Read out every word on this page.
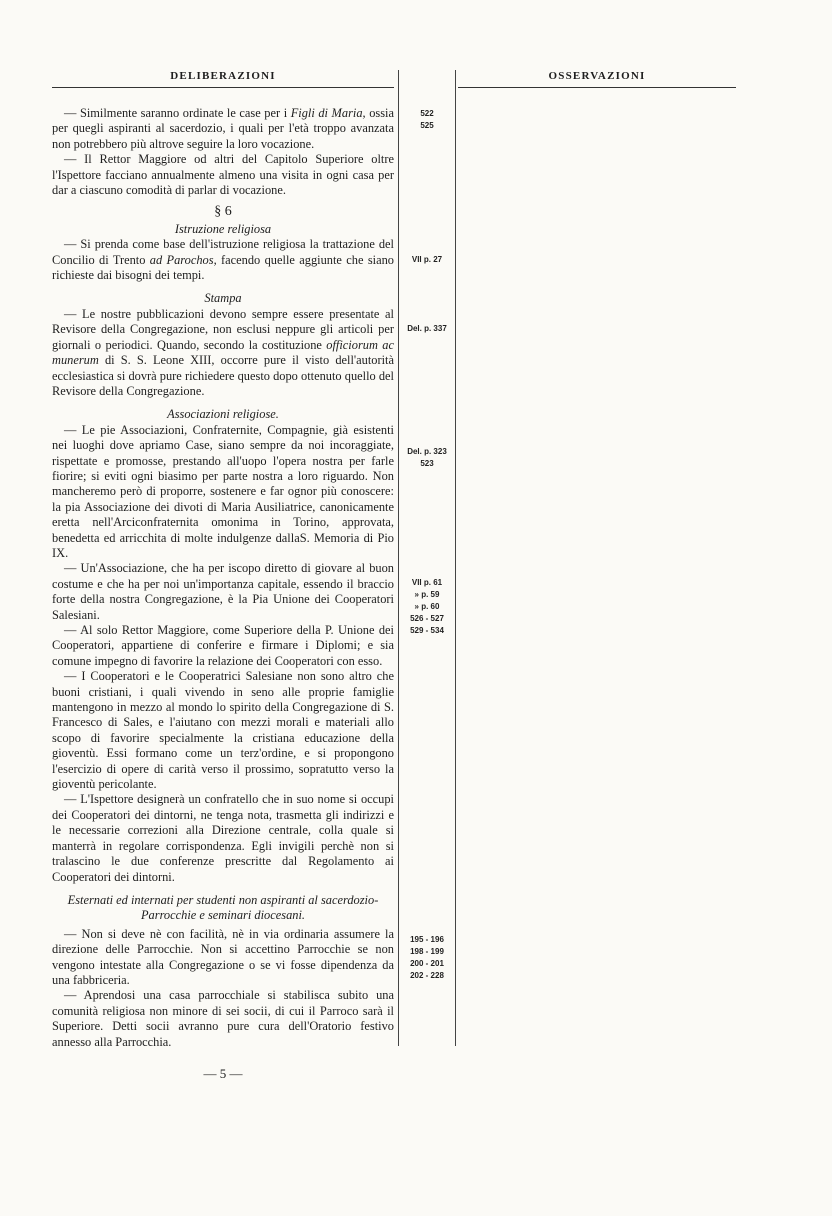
DELIBERAZIONI	OSSERVAZIONI

— Similmente saranno ordinate le case per i Figli di Maria, ossia per quegli aspiranti al sacerdozio, i quali per l'età troppo avanzata non potrebbero più altrove seguire la loro vocazione.

— Il Rettor Maggiore od altri del Capitolo Superiore oltre l'Ispettore facciano annualmente almeno una visita in ogni casa per dar a ciascuno comodità di parlar di vocazione.

§ 6
Istruzione religiosa

— Si prenda come base dell'istruzione religiosa la trattazione del Concilio di Trento ad Parochos, facendo quelle aggiunte che siano richieste dai bisogni dei tempi.

Stampa

— Le nostre pubblicazioni devono sempre essere presentate al Revisore della Congregazione, non esclusi neppure gli articoli per giornali o periodici. Quando, secondo la costituzione officiorum ac munerum di S. S. Leone XIII, occorre pure il visto dell'autorità ecclesiastica si dovrà pure richiedere questo dopo ottenuto quello del Revisore della Congregazione.

Associazioni religiose.

— Le pie Associazioni, Confraternite, Compagnie, già esistenti nei luoghi dove apriamo Case, siano sempre da noi incoraggiate, rispettate e promosse, prestando all'uopo l'opera nostra per farle fiorire; si eviti ogni biasimo per parte nostra a loro riguardo. Non mancheremo però di proporre, sostenere e far ognor più conoscere: la pia Associazione dei divoti di Maria Ausiliatrice, canonicamente eretta nell'Arciconfraternita omonima in Torino, approvata, benedetta ed arricchita di molte indulgenze dallaS. Memoria di Pio IX.

— Un'Associazione, che ha per iscopo diretto di giovare al buon costume e che ha per noi un'importanza capitale, essendo il braccio forte della nostra Congregazione, è la Pia Unione dei Cooperatori Salesiani.

— Al solo Rettor Maggiore, come Superiore della P. Unione dei Cooperatori, appartiene di conferire e firmare i Diplomi; e sia comune impegno di favorire la relazione dei Cooperatori con esso.

— I Cooperatori e le Cooperatrici Salesiane non sono altro che buoni cristiani, i quali vivendo in seno alle proprie famiglie mantengono in mezzo al mondo lo spirito della Congregazione di S. Francesco di Sales, e l'aiutano con mezzi morali e materiali allo scopo di favorire specialmente la cristiana educazione della gioventù. Essi formano come un terz'ordine, e si propongono l'esercizio di opere di carità verso il prossimo, sopratutto verso la gioventù pericolante.

— L'Ispettore designerà un confratello che in suo nome si occupi dei Cooperatori dei dintorni, ne tenga nota, trasmetta gli indirizzi e le necessarie correzioni alla Direzione centrale, colla quale si manterrà in regolare corrispondenza. Egli invigili perchè non si tralascino le due conferenze prescritte dal Regolamento ai Cooperatori dei dintorni.

Esternati ed internati per studenti non aspiranti al sacerdozio-
Parrocchie e seminari diocesani.

— Non si deve nè con facilità, nè in via ordinaria assumere la direzione delle Parrocchie. Non si accettino Parrocchie se non vengono intestate alla Congregazione o se vi fosse dipendenza da una fabbriceria.

— Aprendosi una casa parrocchiale si stabilisca subito una comunità religiosa non minore di sei socii, di cui il Parroco sarà il Superiore. Detti socii avranno pure cura dell'Oratorio festivo annesso alla Parrocchia.

522
525
VII p. 27
Del. p. 337
Del. p. 323
523
VII p. 61
» p. 59
» p. 60
526 - 527
529 - 534
195 - 196
198 - 199
200 - 201
202 - 228
— 5 —
